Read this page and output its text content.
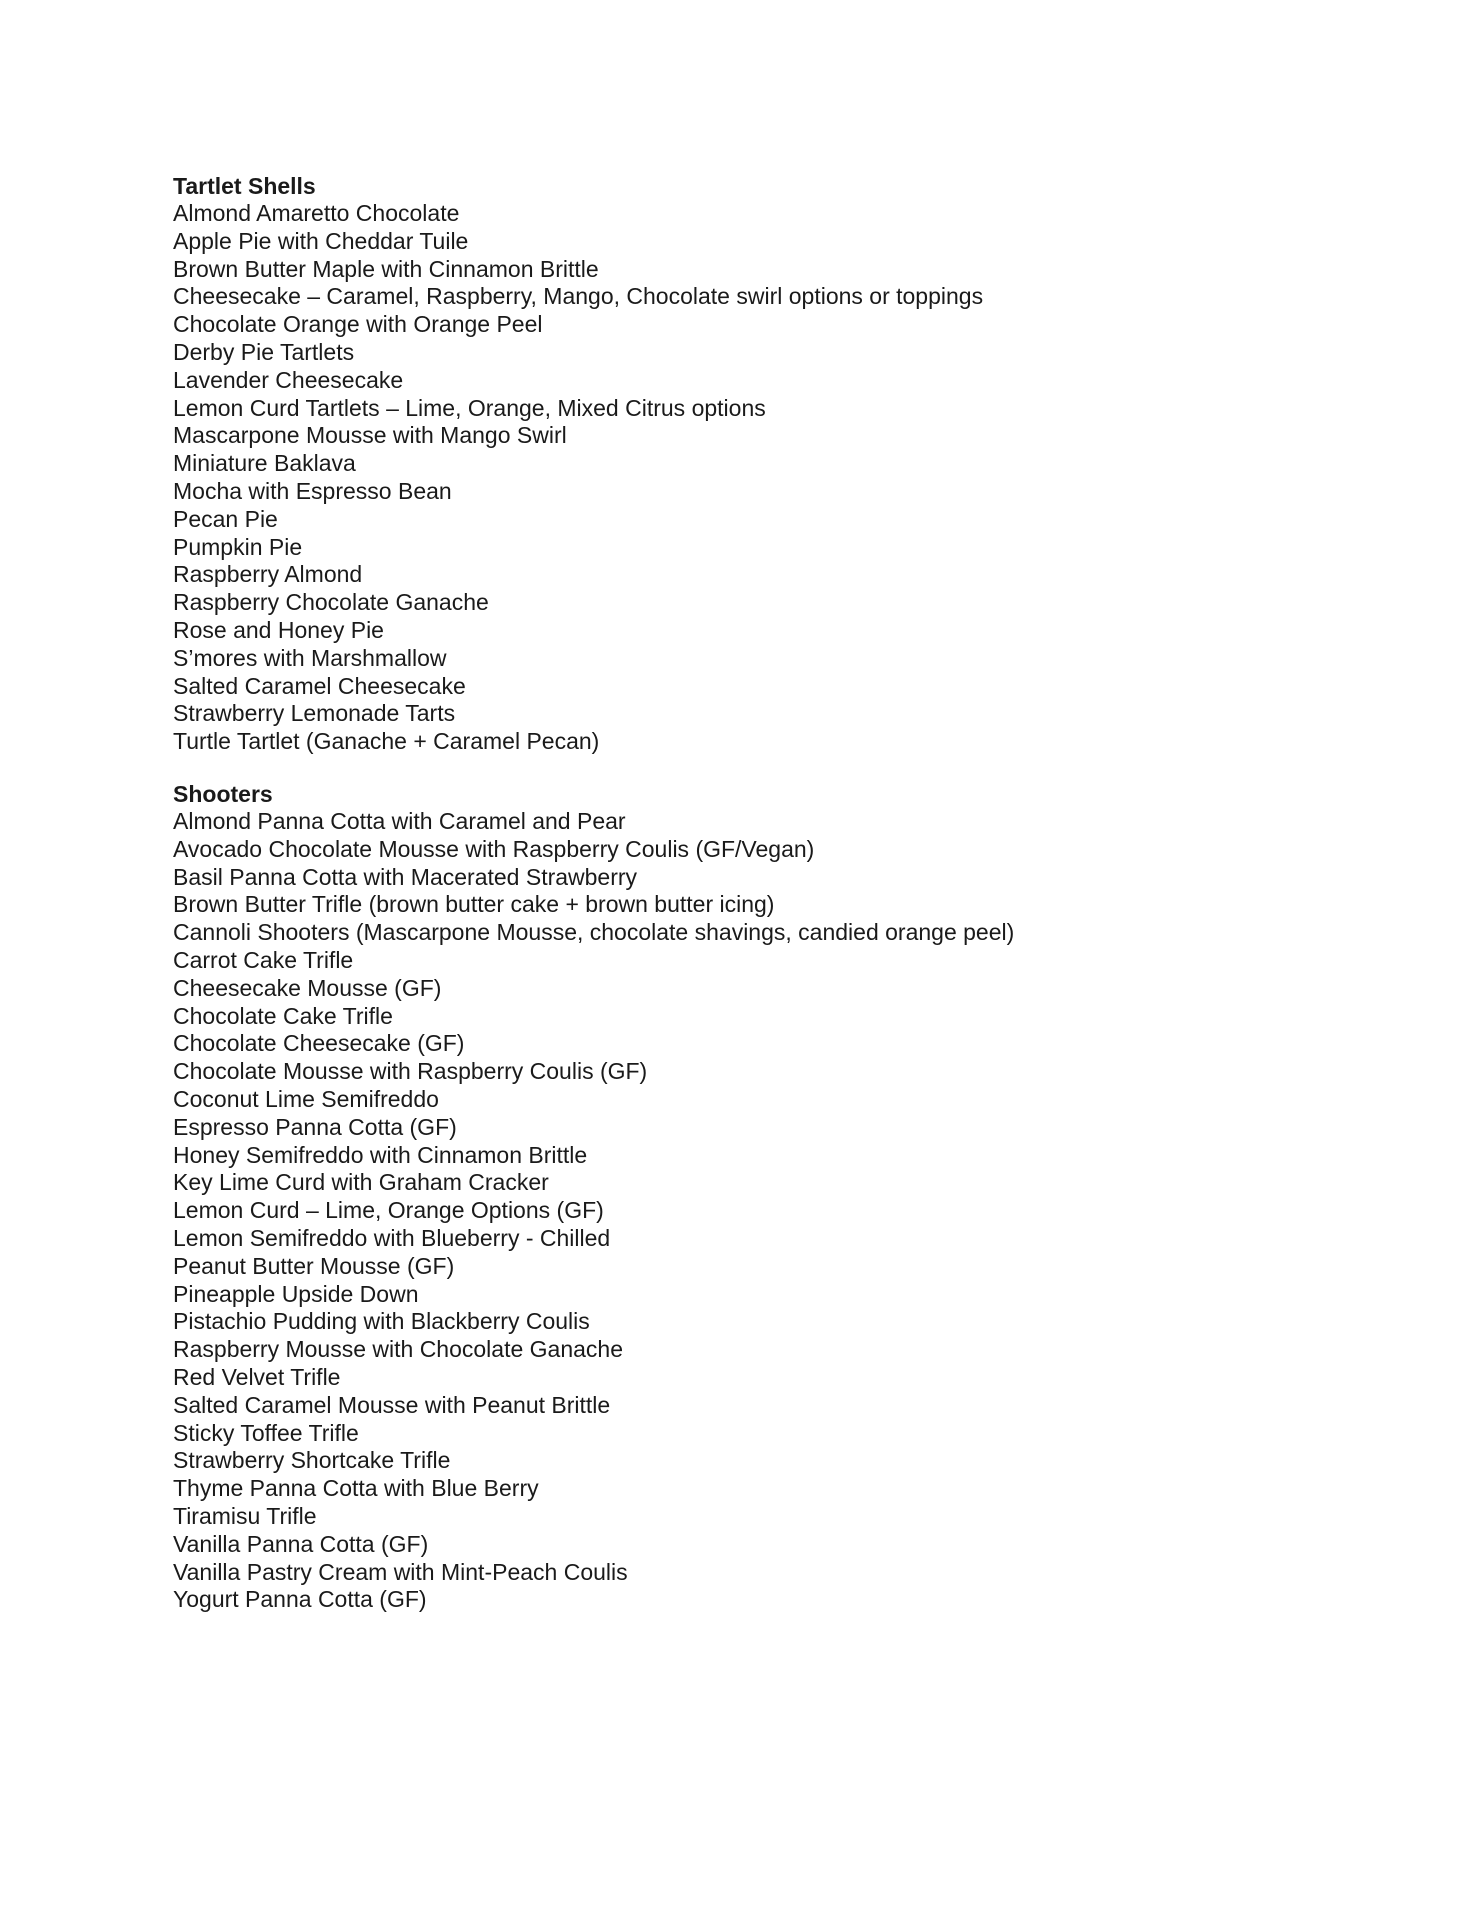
Tartlet Shells
Almond Amaretto Chocolate
Apple Pie with Cheddar Tuile
Brown Butter Maple with Cinnamon Brittle
Cheesecake – Caramel, Raspberry, Mango, Chocolate swirl options or toppings
Chocolate Orange with Orange Peel
Derby Pie Tartlets
Lavender Cheesecake
Lemon Curd Tartlets – Lime, Orange, Mixed Citrus options
Mascarpone Mousse with Mango Swirl
Miniature Baklava
Mocha with Espresso Bean
Pecan Pie
Pumpkin Pie
Raspberry Almond
Raspberry Chocolate Ganache
Rose and Honey Pie
S’mores with Marshmallow
Salted Caramel Cheesecake
Strawberry Lemonade Tarts
Turtle Tartlet (Ganache + Caramel Pecan)
Shooters
Almond Panna Cotta with Caramel and Pear
Avocado Chocolate Mousse with Raspberry Coulis (GF/Vegan)
Basil Panna Cotta with Macerated Strawberry
Brown Butter Trifle (brown butter cake + brown butter icing)
Cannoli Shooters (Mascarpone Mousse, chocolate shavings, candied orange peel)
Carrot Cake Trifle
Cheesecake Mousse (GF)
Chocolate Cake Trifle
Chocolate Cheesecake (GF)
Chocolate Mousse with Raspberry Coulis (GF)
Coconut Lime Semifreddo
Espresso Panna Cotta (GF)
Honey Semifreddo with Cinnamon Brittle
Key Lime Curd with Graham Cracker
Lemon Curd – Lime, Orange Options (GF)
Lemon Semifreddo with Blueberry - Chilled
Peanut Butter Mousse (GF)
Pineapple Upside Down
Pistachio Pudding with Blackberry Coulis
Raspberry Mousse with Chocolate Ganache
Red Velvet Trifle
Salted Caramel Mousse with Peanut Brittle
Sticky Toffee Trifle
Strawberry Shortcake Trifle
Thyme Panna Cotta with Blue Berry
Tiramisu Trifle
Vanilla Panna Cotta (GF)
Vanilla Pastry Cream with Mint-Peach Coulis
Yogurt Panna Cotta (GF)
